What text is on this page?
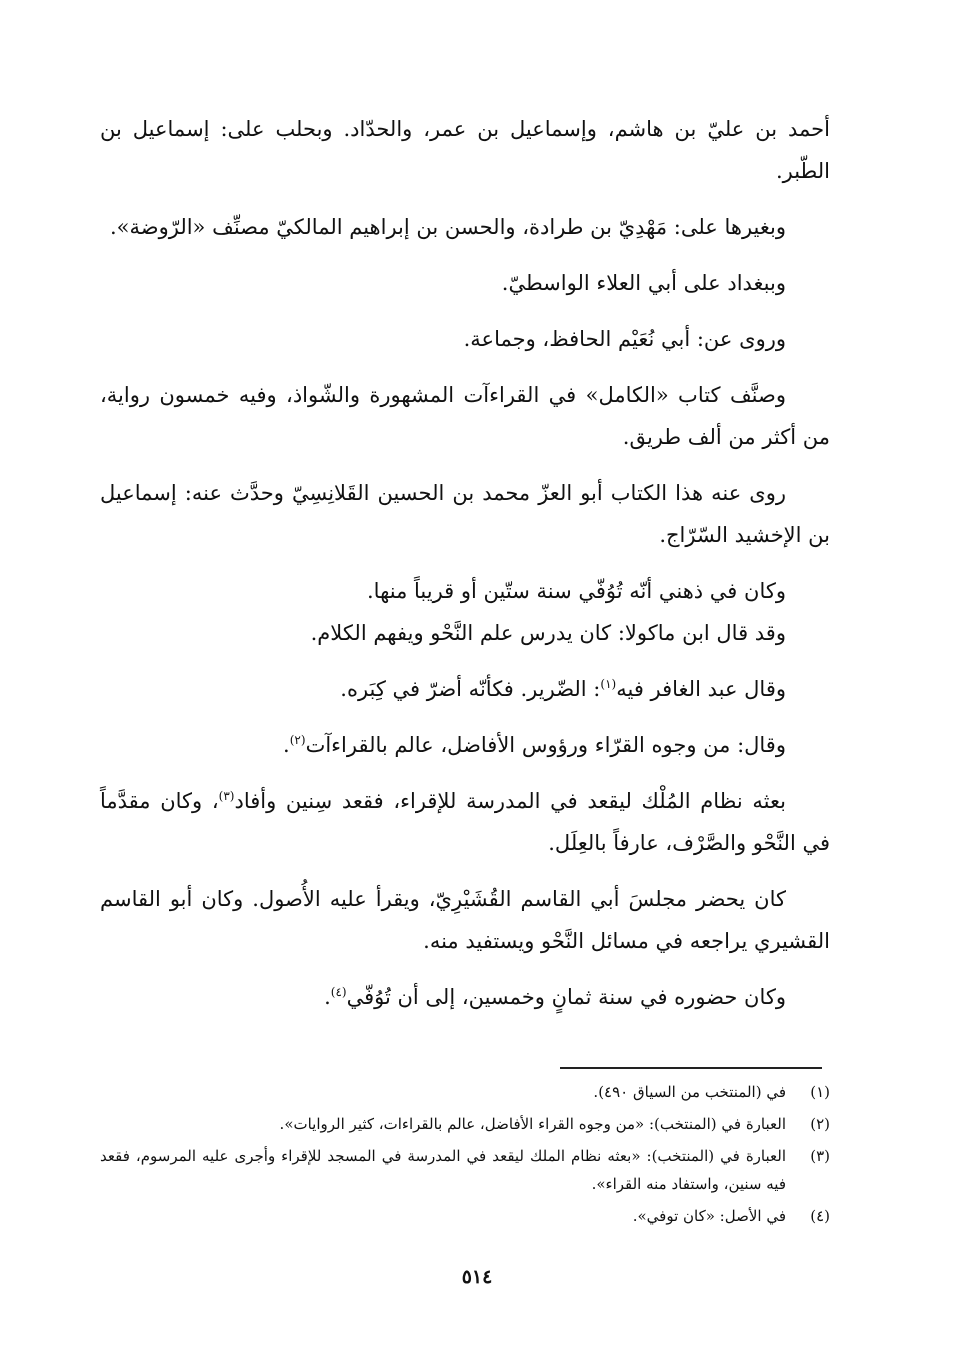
أحمد بن عليّ بن هاشم، وإسماعيل بن عمر، والحدّاد. وبحلب على: إسماعيل بن الطّبر.

وبغيرها على: مَهْدِيّ بن طرادة، والحسن بن إبراهيم المالكيّ مصنِّف «الرّوضة».

وببغداد على أبي العلاء الواسطيّ.

وروى عن: أبي نُعَيْم الحافظ، وجماعة.

وصنَّف كتاب «الكامل» في القراءآت المشهورة والشّواذ، وفيه خمسون رواية، من أكثر من ألف طريق.

روى عنه هذا الكتاب أبو العزّ محمد بن الحسين القَلانِسِيّ وحدَّث عنه: إسماعيل بن الإخشيد السّرّاج.

وكان في ذهني أنّه تُوُفّي سنة ستّين أو قريباً منها.

وقد قال ابن ماكولا: كان يدرس علم النَّحْو ويفهم الكلام.

وقال عبد الغافر فيه$^{(١)}$: الضّرير. فكأنّه أضرّ في كِبَره.

وقال: من وجوه القرّاء ورؤوس الأفاضل، عالم بالقراءآت$^{(٢)}$.

بعثه نظام المُلْك ليقعد في المدرسة للإقراء، فقعد سِنين وأفاد$^{(٣)}$، وكان مقدَّماً في النَّحْو والصَّرْف، عارفاً بالعِلَل.

كان يحضر مجلسَ أبي القاسم القُشَيْرِيّ، ويقرأ عليه الأُصول. وكان أبو القاسم القشيري يراجعه في مسائل النَّحْو ويستفيد منه.

وكان حضوره في سنة ثمانٍ وخمسين، إلى أن تُوُفّي$^{(٤)}$.

(١)
في (المنتخب من السياق ٤٩٠).
(٢)
العبارة في (المنتخب): «من وجوه القراء الأفاضل، عالم بالقراءات، كثير الروايات».
(٣)
العبارة في (المنتخب): «بعثه نظام الملك ليقعد في المدرسة في المسجد للإقراء وأجرى عليه المرسوم، فقعد فيه سنين، واستفاد منه القراء».
(٤)
في الأصل: «كان توفي».
٥١٤
